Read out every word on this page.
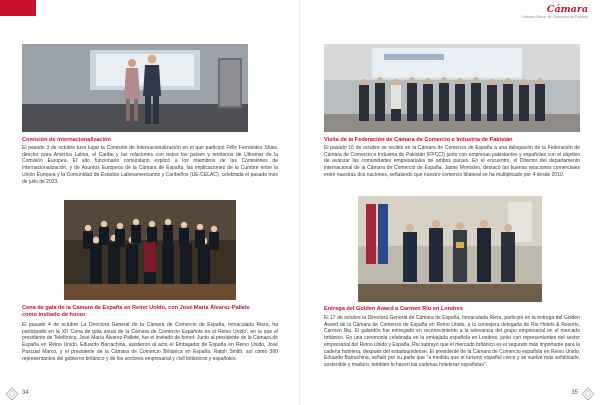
Comisión de internacionalización
El pasado 3 de octubre tuvo lugar la Comisión de Internacionalización en el que participó Félix Fernández Shaw, director para América Latina, el Caribe y las relaciones con todos los países y territorios de Ultramar de la Comisión Europea. El alto funcionario comunitario explicó a los miembros de las Comisiones de Internacionalización, y de Asuntos Europeos de la Cámara de España, las implicaciones de la Cumbre entre la Unión Europea y la Comunidad de Estados Latinoamericanos y Caribeños (UE-CELAC), celebrada el pasado mes de julio de 2023.
Cena de gala de la Cámara de España en Reino Unido, con José María Álvarez-Pallete como invitado de honor
El pasado 4 de octubre La Directora General de la Cámara de Comercio de España, Inmaculada Riera, ha participado en la XII 'Cena de gala anual de la Cámara de Comercio Española en el Reino Unido', en la que el presidente de Telefónica, José María Álvarez-Pallete, fue el invitado de honor. Junto al presidente de la Cámara de España en Reino Unido, Eduardo Barrachina, asistieron al acto el Embajador de España en Reino Unido, José Pascual Marco, y el presidente de la Cámara de Comercio Británica en España, Ralph Smith, así como 300 representantes del gobierno británico y de los sectores empresarial y civil británicos y españoles.
34
Cámara
Cámara Oficial de Comercio de España
Visita de la Federación de Cámara de Comercio e Industria de Pakistán
El pasado 16 de octubre se recibió en la Cámara de Comercio de España a una delegación de la Federación de Cámara de Comercio e Industria de Pakistán (FPCCI) junto con empresas pakistaníes y españolas con el objetivo de avanzar las comunidades empresariales de ambos países. En el encuentro, el Director del departamento internacional de la Cámara de Comercio de España, Jaime Montalvo, destacó las buenas relaciones comerciales entre nuestras dos naciones, señalando que nuestro comercio bilateral se ha multiplicado por 4 desde 2010.
Entrega del Golden Award a Carmen Riu en Londres
El 17 de octubre la Directora General de Cámara de España, Inmaculada Riera, participó en la entrega del Golden Award de la Cámara de Comercio de España en Reino Unido, a la consejera delegada de Riu Hotels & Resorts, Carmen Riu. El galardón fue entregado en reconocimiento a la relevancia del grupo empresarial en el mercado británico. En una ceremonia celebrada en la embajada española en Londres, junto con representantes del sector empresarial del Reino Unido y España, Riu subrayó que el mercado británico es el segundo más importante para la cadena hotelera, después del estadounidense. El presidente de la Cámara de Comercio española en Reino Unido, Eduardo Barrachina, señaló por su parte que "a medida que el turismo español crece y se vuelve más sofisticado, sostenible y maduro, también lo hacen las cadenas hoteleras españolas".
35
